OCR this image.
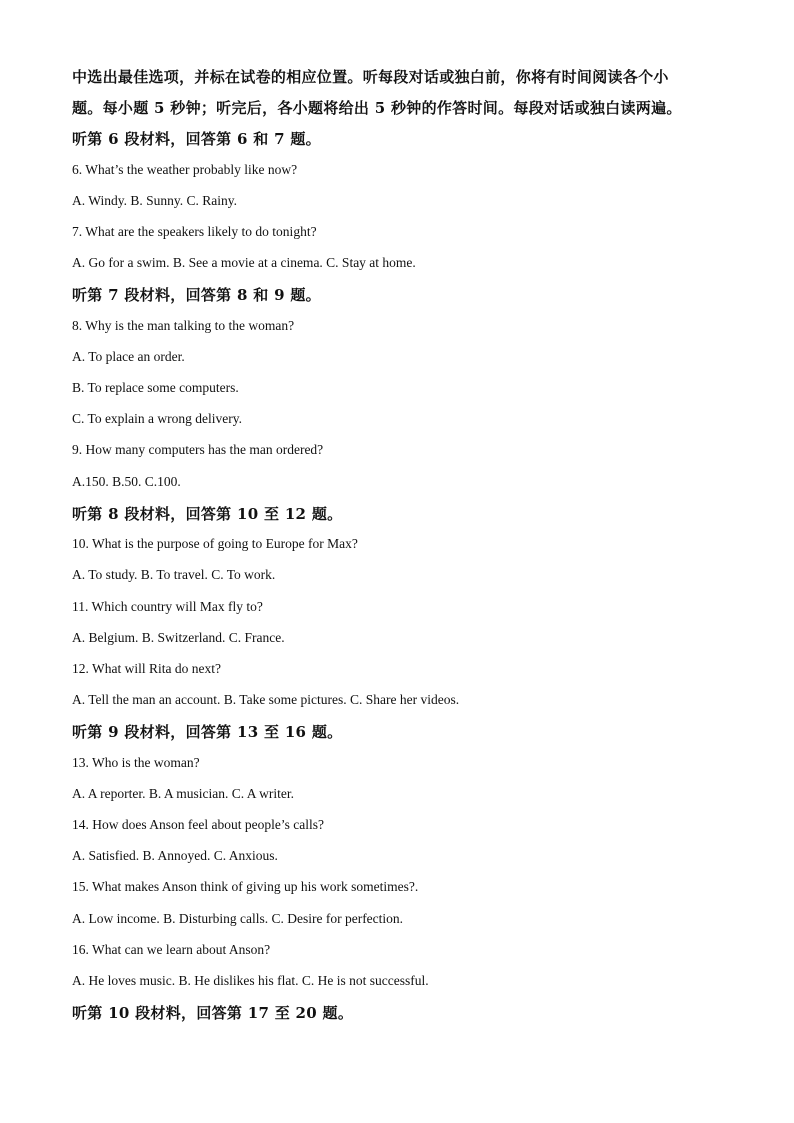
中选出最佳选项，并标在试卷的相应位置。听每段对话或独白前，你将有时间阅读各个小
题。每小题 5 秒钟；听完后，各小题将给出 5 秒钟的作答时间。每段对话或独白读两遍。
听第 6 段材料，回答第 6 和 7 题。
6. What’s the weather probably like now?
A. Windy. B. Sunny. C. Rainy.
7. What are the speakers likely to do tonight?
A. Go for a swim. B. See a movie at a cinema. C. Stay at home.
听第 7 段材料，回答第 8 和 9 题。
8. Why is the man talking to the woman?
A. To place an order.
B. To replace some computers.
C. To explain a wrong delivery.
9. How many computers has the man ordered?
A.150. B.50. C.100.
听第 8 段材料，回答第 10 至 12 题。
10. What is the purpose of going to Europe for Max?
A. To study. B. To travel. C. To work.
11. Which country will Max fly to?
A. Belgium. B. Switzerland. C. France.
12. What will Rita do next?
A. Tell the man an account. B. Take some pictures. C. Share her videos.
听第 9 段材料，回答第 13 至 16 题。
13. Who is the woman?
A. A reporter. B. A musician. C. A writer.
14. How does Anson feel about people’s calls?
A. Satisfied. B. Annoyed. C. Anxious.
15. What makes Anson think of giving up his work sometimes?.
A. Low income. B. Disturbing calls. C. Desire for perfection.
16. What can we learn about Anson?
A. He loves music. B. He dislikes his flat. C. He is not successful.
听第 10 段材料，回答第 17 至 20 题。
